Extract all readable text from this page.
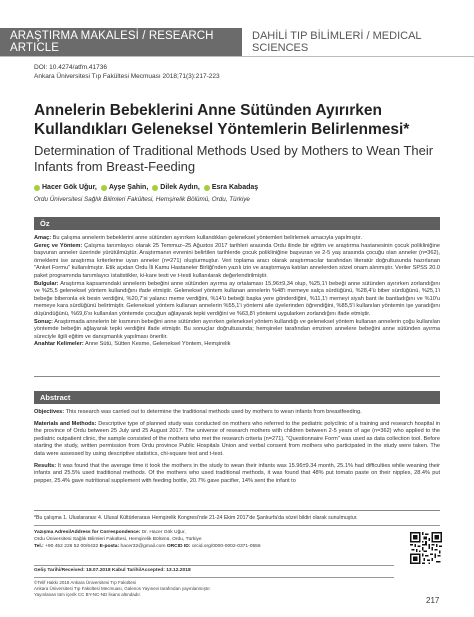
ARAŞTIRMA MAKALESİ / RESEARCH ARTICLE
DAHİLİ TIP BİLİMLERİ / MEDICAL SCIENCES
DOI: 10.4274/atfm.41736
Ankara Üniversitesi Tıp Fakültesi Mecmuası 2018;71(3):217-223
Annelerin Bebeklerini Anne Sütünden Ayırırken Kullandıkları Geleneksel Yöntemlerin Belirlenmesi*
Determination of Traditional Methods Used by Mothers to Wean Their Infants from Breast-Feeding
Hacer Gök Uğur, Ayşe Şahin, Dilek Aydın, Esra Kabadaş
Ordu Üniversitesi Sağlık Bilimleri Fakültesi, Hemşirelik Bölümü, Ordu, Türkiye
Öz

Amaç: Bu çalışma annelerin bebeklerini anne sütünden ayırırken kullandıkları geleneksel yöntemleri belirlemek amacıyla yapılmıştır.

Gereç ve Yöntem: Çalışma tanımlayıcı olarak 25 Temmuz–25 Ağustos 2017 tarihleri arasında Ordu ilinde bir eğitim ve araştırma hastanesinin çocuk polikliniğine başvuran anneler üzerinde yürütülmüştür. Araştırmanın evrenini belirtilen tarihlerde çocuk polikliniğine başvuran ve 2-5 yaş arasında çocuğu olan anneler (n=362), örneklemi ise araştırma kriterlerine uyan anneler (n=271) oluşturmuştur. Veri toplama aracı olarak araştırmacılar tarafından literatür doğrultusunda hazırlanan "Anket Formu" kullanılmıştır. Etik açıdan Ordu İli Kamu Hastaneler Birliği'nden yazılı izin ve araştırmaya katılan annelerden sözel onam alınmıştır. Veriler SPSS 20.0 paket programında tanımlayıcı istatistikler, ki-kare testi ve t-testi kullanılarak değerlendirilmiştir.

Bulgular: Araştırma kapsamındaki annelerin bebeğini anne sütünden ayırma ay ortalaması 15,96±9,34 olup, %25,1'i bebeği anne sütünden ayırırken zorlandığını ve %25,5 geleneksel yöntem kullandığını ifade etmiştir. Geleneksel yöntem kullanan annelerin %48'i memeye salça sürdüğünü, %28,4'ü biber sürdüğünü, %25,1'i bebeğe biberonla ek besin verdiğini, %20,7'si yalancı meme verdiğini, %14'ü bebeği başka yere gönderdiğini, %11,1'i memeyi siyah bant ile bantladığını ve %10'u memeye kara sürdüğünü belirtmiştir. Geleneksel yöntem kullanan annelerin %55,1'i yöntemi aile üyelerinden öğrendiğini, %85,5'i kullanılan yöntemin işe yaradığını düşündüğünü, %69,6'sı kullanılan yöntemde çocuğun ağlayarak tepki verdiğini ve %63,8'i yöntemi uygularken zorlandığını ifade etmiştir.

Sonuç: Araştırmada annelerin bir kısmının bebeğini anne sütünden ayırırken geleneksel yöntem kullandığı ve geleneksel yöntem kullanan annelerin çoğu kullanılan yöntemde bebeğin ağlayarak tepki verdiğini ifade etmiştir. Bu sonuçlar doğrultusunda; hemşireler tarafından emziren annelere bebeğini anne sütünden ayırma süreciyle ilgili eğitim ve danışmanlık yapılması önerilir.

Anahtar Kelimeler: Anne Sütü, Sütten Kesme, Geleneksel Yöntem, Hemşirelik

Abstract

Objectives: This research was carried out to determine the traditional methods used by mothers to wean infants from breastfeeding.

Materials and Methods: Descriptive type of planned study was conducted on mothers who referred to the pediatric polyclinic of a training and research hospital in the province of Ordu between 25 July and 25 August 2017. The universe of research mothers with children between 2-5 years of age (n=362) who applied to the pediatric outpatient clinic, the sample consisted of the mothers who met the research criteria (n=271). "Questionnaire Form" was used as data collection tool. Before starting the study, written permission from Ordu province Public Hospitals Union and verbal consent from mothers who participated in the study were taken. The data were assessed by using descriptive statistics, chi-square test and t-test.

Results: It was found that the average time it took the mothers in the study to wean their infants was 15.96±9.34 month, 25.1% had difficulties while weaning their infants and 25.5% used traditional methods. Of the mothers who used traditional methods, it was found that 48% put tomato paste on their nipples, 28.4% put pepper, 25.4% gave nutritional supplement with feeding bottle, 20.7% gave pacifier, 14% sent the infant to

*Bu çalışma 1. Uluslararası 4. Ulusal Kültürlerarası Hemşirelik Kongresi'nde 21-24 Ekim 2017'de Şanlıurfa'da sözel bildiri olarak sunulmuştur.
Yazışma Adresi/Address for Correspondence: Dr. Hacer Gök Uğur,
Ordu Üniversitesi Sağlık Bilimleri Fakültesi, Hemşirelik Bölümü, Ordu, Türkiye
Tel.: +90 452 226 52 00/6432 E-posta: hacer32@gmail.com ORCID ID: orcid.org/0000-0002-0371-0556
Geliş Tarihi/Received: 18.07.2018 Kabul Tarihi/Accepted: 13.12.2018
©Telif Hakkı 2018 Ankara Üniversitesi Tıp Fakültesi
Ankara Üniversitesi Tıp Fakültesi Mecmuası, Galenos Yayınevi tarafından yayınlanmıştır.
Yayınlanan tüm içerik CC BY-NC-ND lisans altındadır.
217
